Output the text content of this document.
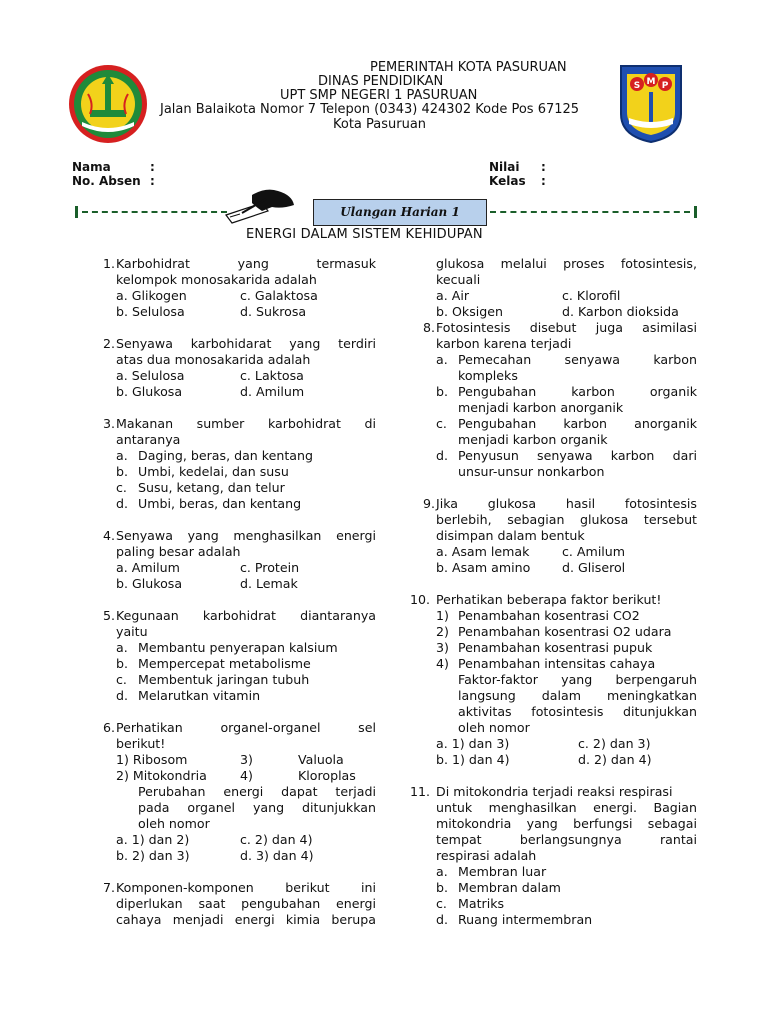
PEMERINTAH KOTA PASURUAN
DINAS PENDIDIKAN
UPT SMP NEGERI 1 PASURUAN
Jalan Balaikota Nomor 7 Telepon (0343) 424302 Kode Pos 67125
Kota Pasuruan
S M P
Nama	:
No. Absen :
Nilai :
Kelas :
Ulangan Harian 1
ENERGI DALAM SISTEM KEHIDUPAN
1. Karbohidrat yang termasuk
kelompok monosakarida adalah
a. Glikogen	c. Galaktosa
b. Selulosa	d. Sukrosa
2. Senyawa karbohidarat yang terdiri
atas dua monosakarida adalah
a. Selulosa	c. Laktosa
b. Glukosa	d. Amilum
3. Makanan sumber karbohidrat di
antaranya
a. Daging, beras, dan kentang
b. Umbi, kedelai, dan susu
c. Susu, ketang, dan telur
d. Umbi, beras, dan kentang
4. Senyawa yang menghasilkan energi
paling besar adalah
a. Amilum	c. Protein
b. Glukosa	d. Lemak
5. Kegunaan karbohidrat diantaranya
yaitu
a. Membantu penyerapan kalsium
b. Mempercepat metabolisme
c. Membentuk jaringan tubuh
d. Melarutkan vitamin
6. Perhatikan organel-organel sel
berikut!
1) Ribosom	3)	Valuola
2) Mitokondria	4)	Kloroplas
Perubahan energi dapat terjadi
pada organel yang ditunjukkan
oleh nomor
a. 1) dan 2)	c. 2) dan 4)
b. 2) dan 3)	d. 3) dan 4)
7. Komponen-komponen berikut ini
diperlukan saat pengubahan energi
cahaya menjadi energi kimia berupa
glukosa melalui proses fotosintesis,
kecuali
a. Air	c. Klorofil
b. Oksigen	d. Karbon dioksida
8. Fotosintesis disebut juga asimilasi
karbon karena terjadi
a. Pemecahan senyawa karbon
kompleks
b. Pengubahan karbon organik
menjadi karbon anorganik
c. Pengubahan karbon anorganik
menjadi karbon organik
d. Penyusun senyawa karbon dari
unsur-unsur nonkarbon
9. Jika glukosa hasil fotosintesis
berlebih, sebagian glukosa tersebut
disimpan dalam bentuk
a. Asam lemak	c. Amilum
b. Asam amino	d. Gliserol
10. Perhatikan beberapa faktor berikut!
1) Penambahan kosentrasi CO2
2) Penambahan kosentrasi O2 udara
3) Penambahan kosentrasi pupuk
4) Penambahan intensitas cahaya
Faktor-faktor yang berpengaruh
langsung dalam meningkatkan
aktivitas fotosintesis ditunjukkan
oleh nomor
a. 1) dan 3)	c. 2) dan 3)
b. 1) dan 4)	d. 2) dan 4)
11. Di mitokondria terjadi reaksi respirasi
untuk menghasilkan energi. Bagian
mitokondria yang berfungsi sebagai
tempat berlangsungnya rantai
respirasi adalah
a. Membran luar
b. Membran dalam
c. Matriks
d. Ruang intermembran
